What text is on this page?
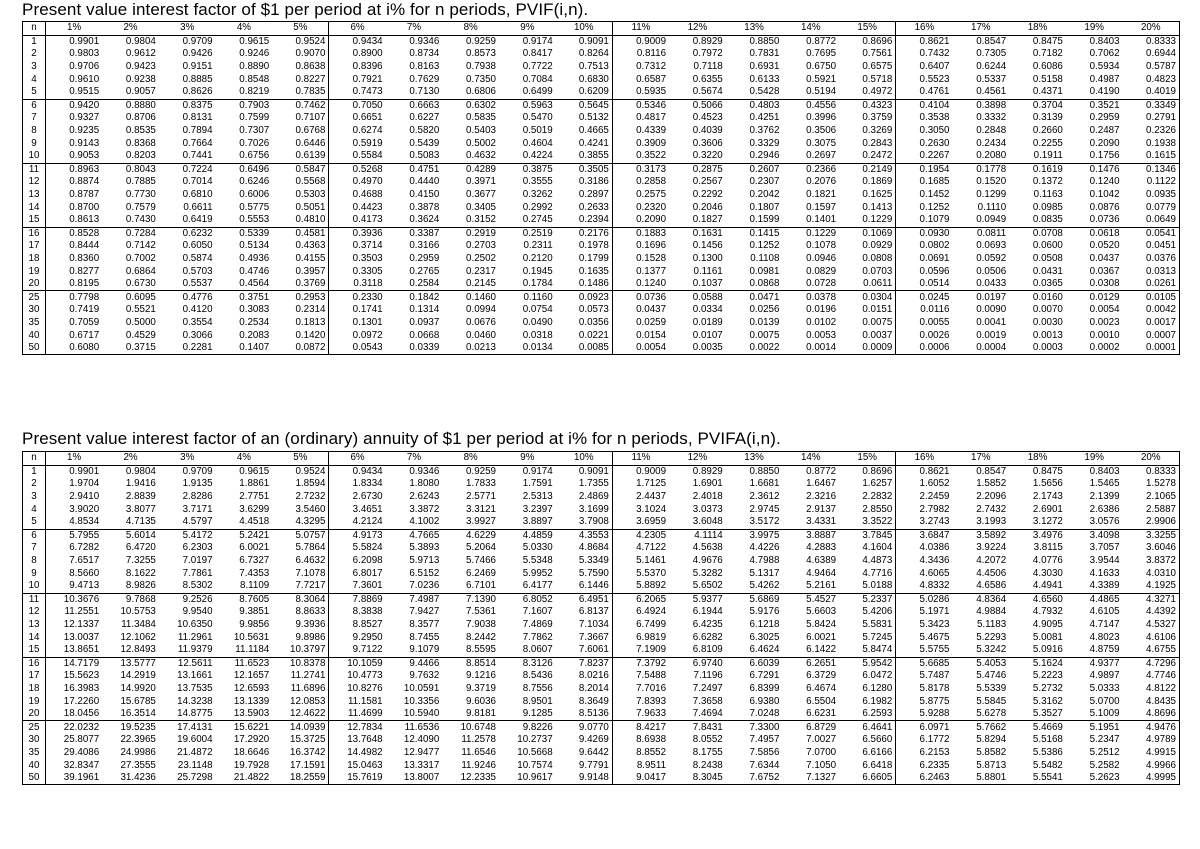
Present value interest factor of $1 per period at i% for n periods, PVIF(i,n).
n	1%	2%	3%	4%	5%	6%	7%	8%	9%	10%	11%	12%	13%	14%	15%	16%	17%	18%	19%	20%
1	0.9901	0.9804	0.9709	0.9615	0.9524	0.9434	0.9346	0.9259	0.9174	0.9091	0.9009	0.8929	0.8850	0.8772	0.8696	0.8621	0.8547	0.8475	0.8403	0.8333
2	0.9803	0.9612	0.9426	0.9246	0.9070	0.8900	0.8734	0.8573	0.8417	0.8264	0.8116	0.7972	0.7831	0.7695	0.7561	0.7432	0.7305	0.7182	0.7062	0.6944
3	0.9706	0.9423	0.9151	0.8890	0.8638	0.8396	0.8163	0.7938	0.7722	0.7513	0.7312	0.7118	0.6931	0.6750	0.6575	0.6407	0.6244	0.6086	0.5934	0.5787
4	0.9610	0.9238	0.8885	0.8548	0.8227	0.7921	0.7629	0.7350	0.7084	0.6830	0.6587	0.6355	0.6133	0.5921	0.5718	0.5523	0.5337	0.5158	0.4987	0.4823
5	0.9515	0.9057	0.8626	0.8219	0.7835	0.7473	0.7130	0.6806	0.6499	0.6209	0.5935	0.5674	0.5428	0.5194	0.4972	0.4761	0.4561	0.4371	0.4190	0.4019
6	0.9420	0.8880	0.8375	0.7903	0.7462	0.7050	0.6663	0.6302	0.5963	0.5645	0.5346	0.5066	0.4803	0.4556	0.4323	0.4104	0.3898	0.3704	0.3521	0.3349
7	0.9327	0.8706	0.8131	0.7599	0.7107	0.6651	0.6227	0.5835	0.5470	0.5132	0.4817	0.4523	0.4251	0.3996	0.3759	0.3538	0.3332	0.3139	0.2959	0.2791
8	0.9235	0.8535	0.7894	0.7307	0.6768	0.6274	0.5820	0.5403	0.5019	0.4665	0.4339	0.4039	0.3762	0.3506	0.3269	0.3050	0.2848	0.2660	0.2487	0.2326
9	0.9143	0.8368	0.7664	0.7026	0.6446	0.5919	0.5439	0.5002	0.4604	0.4241	0.3909	0.3606	0.3329	0.3075	0.2843	0.2630	0.2434	0.2255	0.2090	0.1938
10	0.9053	0.8203	0.7441	0.6756	0.6139	0.5584	0.5083	0.4632	0.4224	0.3855	0.3522	0.3220	0.2946	0.2697	0.2472	0.2267	0.2080	0.1911	0.1756	0.1615
11	0.8963	0.8043	0.7224	0.6496	0.5847	0.5268	0.4751	0.4289	0.3875	0.3505	0.3173	0.2875	0.2607	0.2366	0.2149	0.1954	0.1778	0.1619	0.1476	0.1346
12	0.8874	0.7885	0.7014	0.6246	0.5568	0.4970	0.4440	0.3971	0.3555	0.3186	0.2858	0.2567	0.2307	0.2076	0.1869	0.1685	0.1520	0.1372	0.1240	0.1122
13	0.8787	0.7730	0.6810	0.6006	0.5303	0.4688	0.4150	0.3677	0.3262	0.2897	0.2575	0.2292	0.2042	0.1821	0.1625	0.1452	0.1299	0.1163	0.1042	0.0935
14	0.8700	0.7579	0.6611	0.5775	0.5051	0.4423	0.3878	0.3405	0.2992	0.2633	0.2320	0.2046	0.1807	0.1597	0.1413	0.1252	0.1110	0.0985	0.0876	0.0779
15	0.8613	0.7430	0.6419	0.5553	0.4810	0.4173	0.3624	0.3152	0.2745	0.2394	0.2090	0.1827	0.1599	0.1401	0.1229	0.1079	0.0949	0.0835	0.0736	0.0649
16	0.8528	0.7284	0.6232	0.5339	0.4581	0.3936	0.3387	0.2919	0.2519	0.2176	0.1883	0.1631	0.1415	0.1229	0.1069	0.0930	0.0811	0.0708	0.0618	0.0541
17	0.8444	0.7142	0.6050	0.5134	0.4363	0.3714	0.3166	0.2703	0.2311	0.1978	0.1696	0.1456	0.1252	0.1078	0.0929	0.0802	0.0693	0.0600	0.0520	0.0451
18	0.8360	0.7002	0.5874	0.4936	0.4155	0.3503	0.2959	0.2502	0.2120	0.1799	0.1528	0.1300	0.1108	0.0946	0.0808	0.0691	0.0592	0.0508	0.0437	0.0376
19	0.8277	0.6864	0.5703	0.4746	0.3957	0.3305	0.2765	0.2317	0.1945	0.1635	0.1377	0.1161	0.0981	0.0829	0.0703	0.0596	0.0506	0.0431	0.0367	0.0313
20	0.8195	0.6730	0.5537	0.4564	0.3769	0.3118	0.2584	0.2145	0.1784	0.1486	0.1240	0.1037	0.0868	0.0728	0.0611	0.0514	0.0433	0.0365	0.0308	0.0261
25	0.7798	0.6095	0.4776	0.3751	0.2953	0.2330	0.1842	0.1460	0.1160	0.0923	0.0736	0.0588	0.0471	0.0378	0.0304	0.0245	0.0197	0.0160	0.0129	0.0105
30	0.7419	0.5521	0.4120	0.3083	0.2314	0.1741	0.1314	0.0994	0.0754	0.0573	0.0437	0.0334	0.0256	0.0196	0.0151	0.0116	0.0090	0.0070	0.0054	0.0042
35	0.7059	0.5000	0.3554	0.2534	0.1813	0.1301	0.0937	0.0676	0.0490	0.0356	0.0259	0.0189	0.0139	0.0102	0.0075	0.0055	0.0041	0.0030	0.0023	0.0017
40	0.6717	0.4529	0.3066	0.2083	0.1420	0.0972	0.0668	0.0460	0.0318	0.0221	0.0154	0.0107	0.0075	0.0053	0.0037	0.0026	0.0019	0.0013	0.0010	0.0007
50	0.6080	0.3715	0.2281	0.1407	0.0872	0.0543	0.0339	0.0213	0.0134	0.0085	0.0054	0.0035	0.0022	0.0014	0.0009	0.0006	0.0004	0.0003	0.0002	0.0001
Present value interest factor of an (ordinary) annuity of $1 per period at i% for n periods, PVIFA(i,n).
n	1%	2%	3%	4%	5%	6%	7%	8%	9%	10%	11%	12%	13%	14%	15%	16%	17%	18%	19%	20%
1	0.9901	0.9804	0.9709	0.9615	0.9524	0.9434	0.9346	0.9259	0.9174	0.9091	0.9009	0.8929	0.8850	0.8772	0.8696	0.8621	0.8547	0.8475	0.8403	0.8333
2	1.9704	1.9416	1.9135	1.8861	1.8594	1.8334	1.8080	1.7833	1.7591	1.7355	1.7125	1.6901	1.6681	1.6467	1.6257	1.6052	1.5852	1.5656	1.5465	1.5278
3	2.9410	2.8839	2.8286	2.7751	2.7232	2.6730	2.6243	2.5771	2.5313	2.4869	2.4437	2.4018	2.3612	2.3216	2.2832	2.2459	2.2096	2.1743	2.1399	2.1065
4	3.9020	3.8077	3.7171	3.6299	3.5460	3.4651	3.3872	3.3121	3.2397	3.1699	3.1024	3.0373	2.9745	2.9137	2.8550	2.7982	2.7432	2.6901	2.6386	2.5887
5	4.8534	4.7135	4.5797	4.4518	4.3295	4.2124	4.1002	3.9927	3.8897	3.7908	3.6959	3.6048	3.5172	3.4331	3.3522	3.2743	3.1993	3.1272	3.0576	2.9906
6	5.7955	5.6014	5.4172	5.2421	5.0757	4.9173	4.7665	4.6229	4.4859	4.3553	4.2305	4.1114	3.9975	3.8887	3.7845	3.6847	3.5892	3.4976	3.4098	3.3255
7	6.7282	6.4720	6.2303	6.0021	5.7864	5.5824	5.3893	5.2064	5.0330	4.8684	4.7122	4.5638	4.4226	4.2883	4.1604	4.0386	3.9224	3.8115	3.7057	3.6046
8	7.6517	7.3255	7.0197	6.7327	6.4632	6.2098	5.9713	5.7466	5.5348	5.3349	5.1461	4.9676	4.7988	4.6389	4.4873	4.3436	4.2072	4.0776	3.9544	3.8372
9	8.5660	8.1622	7.7861	7.4353	7.1078	6.8017	6.5152	6.2469	5.9952	5.7590	5.5370	5.3282	5.1317	4.9464	4.7716	4.6065	4.4506	4.3030	4.1633	4.0310
10	9.4713	8.9826	8.5302	8.1109	7.7217	7.3601	7.0236	6.7101	6.4177	6.1446	5.8892	5.6502	5.4262	5.2161	5.0188	4.8332	4.6586	4.4941	4.3389	4.1925
11	10.3676	9.7868	9.2526	8.7605	8.3064	7.8869	7.4987	7.1390	6.8052	6.4951	6.2065	5.9377	5.6869	5.4527	5.2337	5.0286	4.8364	4.6560	4.4865	4.3271
12	11.2551	10.5753	9.9540	9.3851	8.8633	8.3838	7.9427	7.5361	7.1607	6.8137	6.4924	6.1944	5.9176	5.6603	5.4206	5.1971	4.9884	4.7932	4.6105	4.4392
13	12.1337	11.3484	10.6350	9.9856	9.3936	8.8527	8.3577	7.9038	7.4869	7.1034	6.7499	6.4235	6.1218	5.8424	5.5831	5.3423	5.1183	4.9095	4.7147	4.5327
14	13.0037	12.1062	11.2961	10.5631	9.8986	9.2950	8.7455	8.2442	7.7862	7.3667	6.9819	6.6282	6.3025	6.0021	5.7245	5.4675	5.2293	5.0081	4.8023	4.6106
15	13.8651	12.8493	11.9379	11.1184	10.3797	9.7122	9.1079	8.5595	8.0607	7.6061	7.1909	6.8109	6.4624	6.1422	5.8474	5.5755	5.3242	5.0916	4.8759	4.6755
16	14.7179	13.5777	12.5611	11.6523	10.8378	10.1059	9.4466	8.8514	8.3126	7.8237	7.3792	6.9740	6.6039	6.2651	5.9542	5.6685	5.4053	5.1624	4.9377	4.7296
17	15.5623	14.2919	13.1661	12.1657	11.2741	10.4773	9.7632	9.1216	8.5436	8.0216	7.5488	7.1196	6.7291	6.3729	6.0472	5.7487	5.4746	5.2223	4.9897	4.7746
18	16.3983	14.9920	13.7535	12.6593	11.6896	10.8276	10.0591	9.3719	8.7556	8.2014	7.7016	7.2497	6.8399	6.4674	6.1280	5.8178	5.5339	5.2732	5.0333	4.8122
19	17.2260	15.6785	14.3238	13.1339	12.0853	11.1581	10.3356	9.6036	8.9501	8.3649	7.8393	7.3658	6.9380	6.5504	6.1982	5.8775	5.5845	5.3162	5.0700	4.8435
20	18.0456	16.3514	14.8775	13.5903	12.4622	11.4699	10.5940	9.8181	9.1285	8.5136	7.9633	7.4694	7.0248	6.6231	6.2593	5.9288	5.6278	5.3527	5.1009	4.8696
25	22.0232	19.5235	17.4131	15.6221	14.0939	12.7834	11.6536	10.6748	9.8226	9.0770	8.4217	7.8431	7.3300	6.8729	6.4641	6.0971	5.7662	5.4669	5.1951	4.9476
30	25.8077	22.3965	19.6004	17.2920	15.3725	13.7648	12.4090	11.2578	10.2737	9.4269	8.6938	8.0552	7.4957	7.0027	6.5660	6.1772	5.8294	5.5168	5.2347	4.9789
35	29.4086	24.9986	21.4872	18.6646	16.3742	14.4982	12.9477	11.6546	10.5668	9.6442	8.8552	8.1755	7.5856	7.0700	6.6166	6.2153	5.8582	5.5386	5.2512	4.9915
40	32.8347	27.3555	23.1148	19.7928	17.1591	15.0463	13.3317	11.9246	10.7574	9.7791	8.9511	8.2438	7.6344	7.1050	6.6418	6.2335	5.8713	5.5482	5.2582	4.9966
50	39.1961	31.4236	25.7298	21.4822	18.2559	15.7619	13.8007	12.2335	10.9617	9.9148	9.0417	8.3045	7.6752	7.1327	6.6605	6.2463	5.8801	5.5541	5.2623	4.9995
